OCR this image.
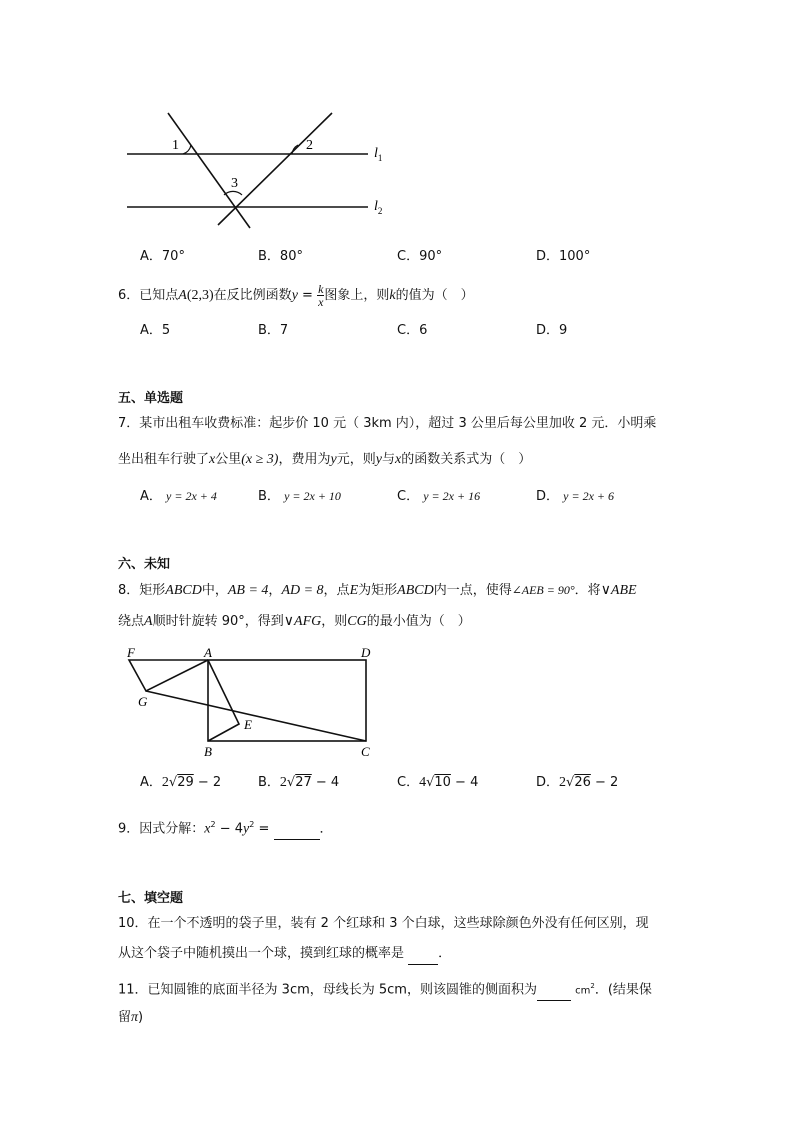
1	2
3
$l_1$
$l_2$
A．70°	B．80°	C．90°	D．100°
6．已知点A(2,3)在反比例函数$y = \frac{k}{x}$ 图象上，则k的值为（　）
A．5	B．7	C．6	D．9
五、单选题
7．某市出租车收费标准：起步价 10 元（ 3km 内），超过 3 公里后每公里加收 2 元．小明乘
坐出租车行驶了x公里(x ≥ 3)，费用为y元，则y与x的函数关系式为（　）
A． y = 2x + 4	B． y = 2x + 10	C． y = 2x + 16	D． y = 2x + 6
六、未知
8．矩形ABCD中，AB = 4，AD = 8，点E为矩形ABCD内一点，使得∠AEB = 90°．将∨ABE
绕点A顺时针旋转 90°，得到∨AFG，则CG的最小值为（　）
F	A	D
G
E
B	C
A．2√29 − 2	B．2√27 − 4	C．4√10 − 4	D．2√26 − 2
9．因式分解：$x^2 - 4y^2$ =	．
七、填空题
10．在一个不透明的袋子里，装有 2 个红球和 3 个白球，这些球除颜色外没有任何区别，现
从这个袋子中随机摸出一个球，摸到红球的概率是	．
11．已知圆锥的底面半径为 3cm，母线长为 5cm，则该圆锥的侧面积为	$cm^2$．(结果保
留π)
